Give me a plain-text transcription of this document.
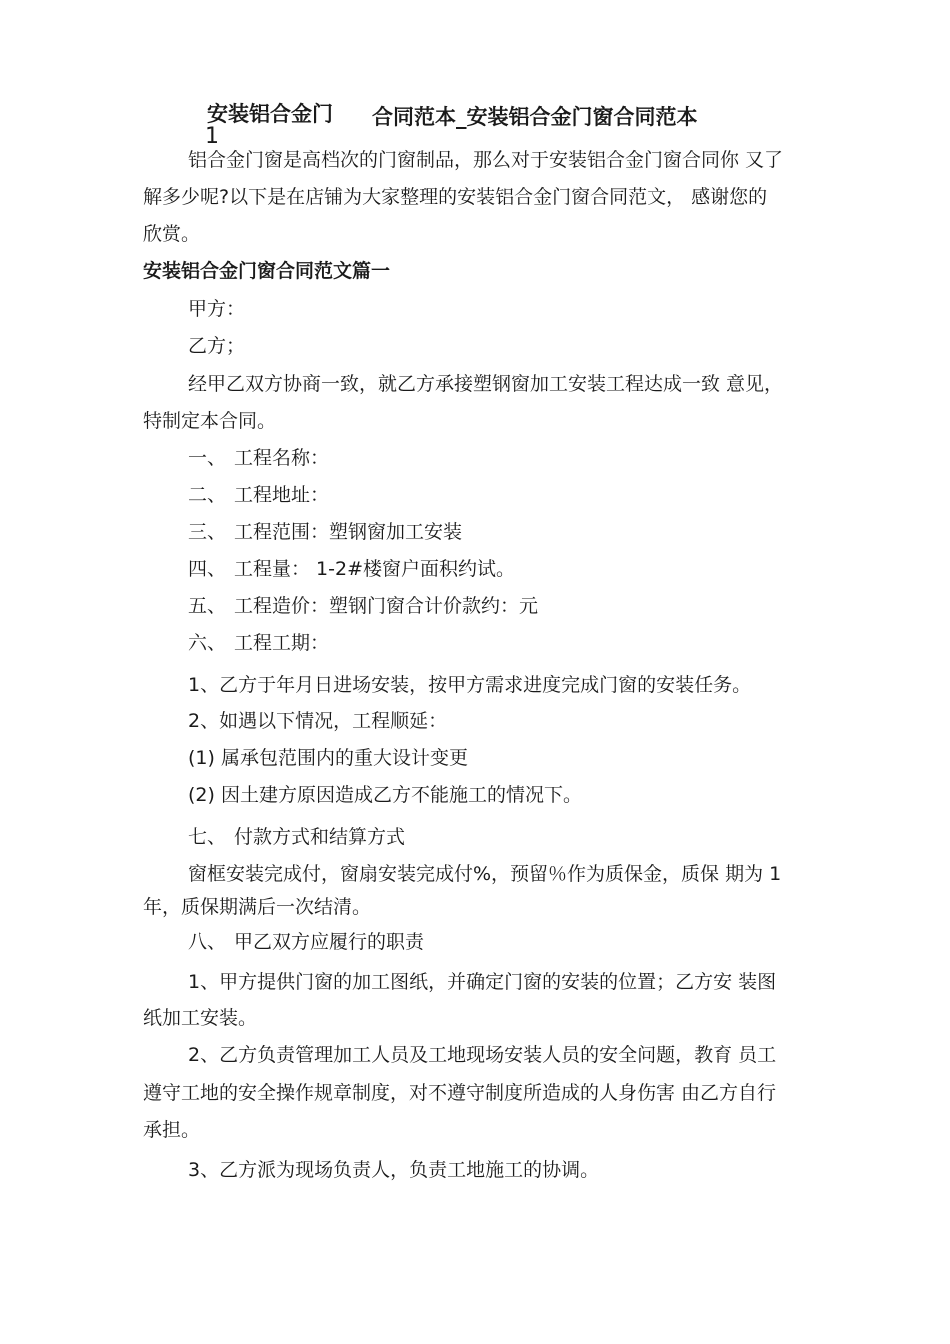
安装铝合金门 合同范本_安装铝合金门窗合同范本
1
铝合金门窗是高档次的门窗制品，那么对于安装铝合金门窗合同你 又了
解多少呢?以下是在店铺为大家整理的安装铝合金门窗合同范文， 感谢您的
欣赏。
安装铝合金门窗合同范文篇一
甲方：
乙方；
经甲乙双方协商一致，就乙方承接塑钢窗加工安装工程达成一致 意见，
特制定本合同。
一、 工程名称：
二、 工程地址：
三、 工程范围：塑钢窗加工安装
四、 工程量： 1-2#楼窗户面积约试。
五、 工程造价：塑钢门窗合计价款约：元
六、 工程工期：
1、乙方于年月日进场安装，按甲方需求进度完成门窗的安装任务。
2、如遇以下情况，工程顺延：
(1) 属承包范围内的重大设计变更
(2) 因土建方原因造成乙方不能施工的情况下。
七、 付款方式和结算方式
窗框安装完成付，窗扇安装完成付%，预留％作为质保金，质保 期为 1
年，质保期满后一次结清。
八、 甲乙双方应履行的职责
1、甲方提供门窗的加工图纸，并确定门窗的安装的位置；乙方安 装图
纸加工安装。
2、乙方负责管理加工人员及工地现场安装人员的安全问题，教育 员工
遵守工地的安全操作规章制度，对不遵守制度所造成的人身伤害 由乙方自行
承担。
3、乙方派为现场负责人，负责工地施工的协调。
